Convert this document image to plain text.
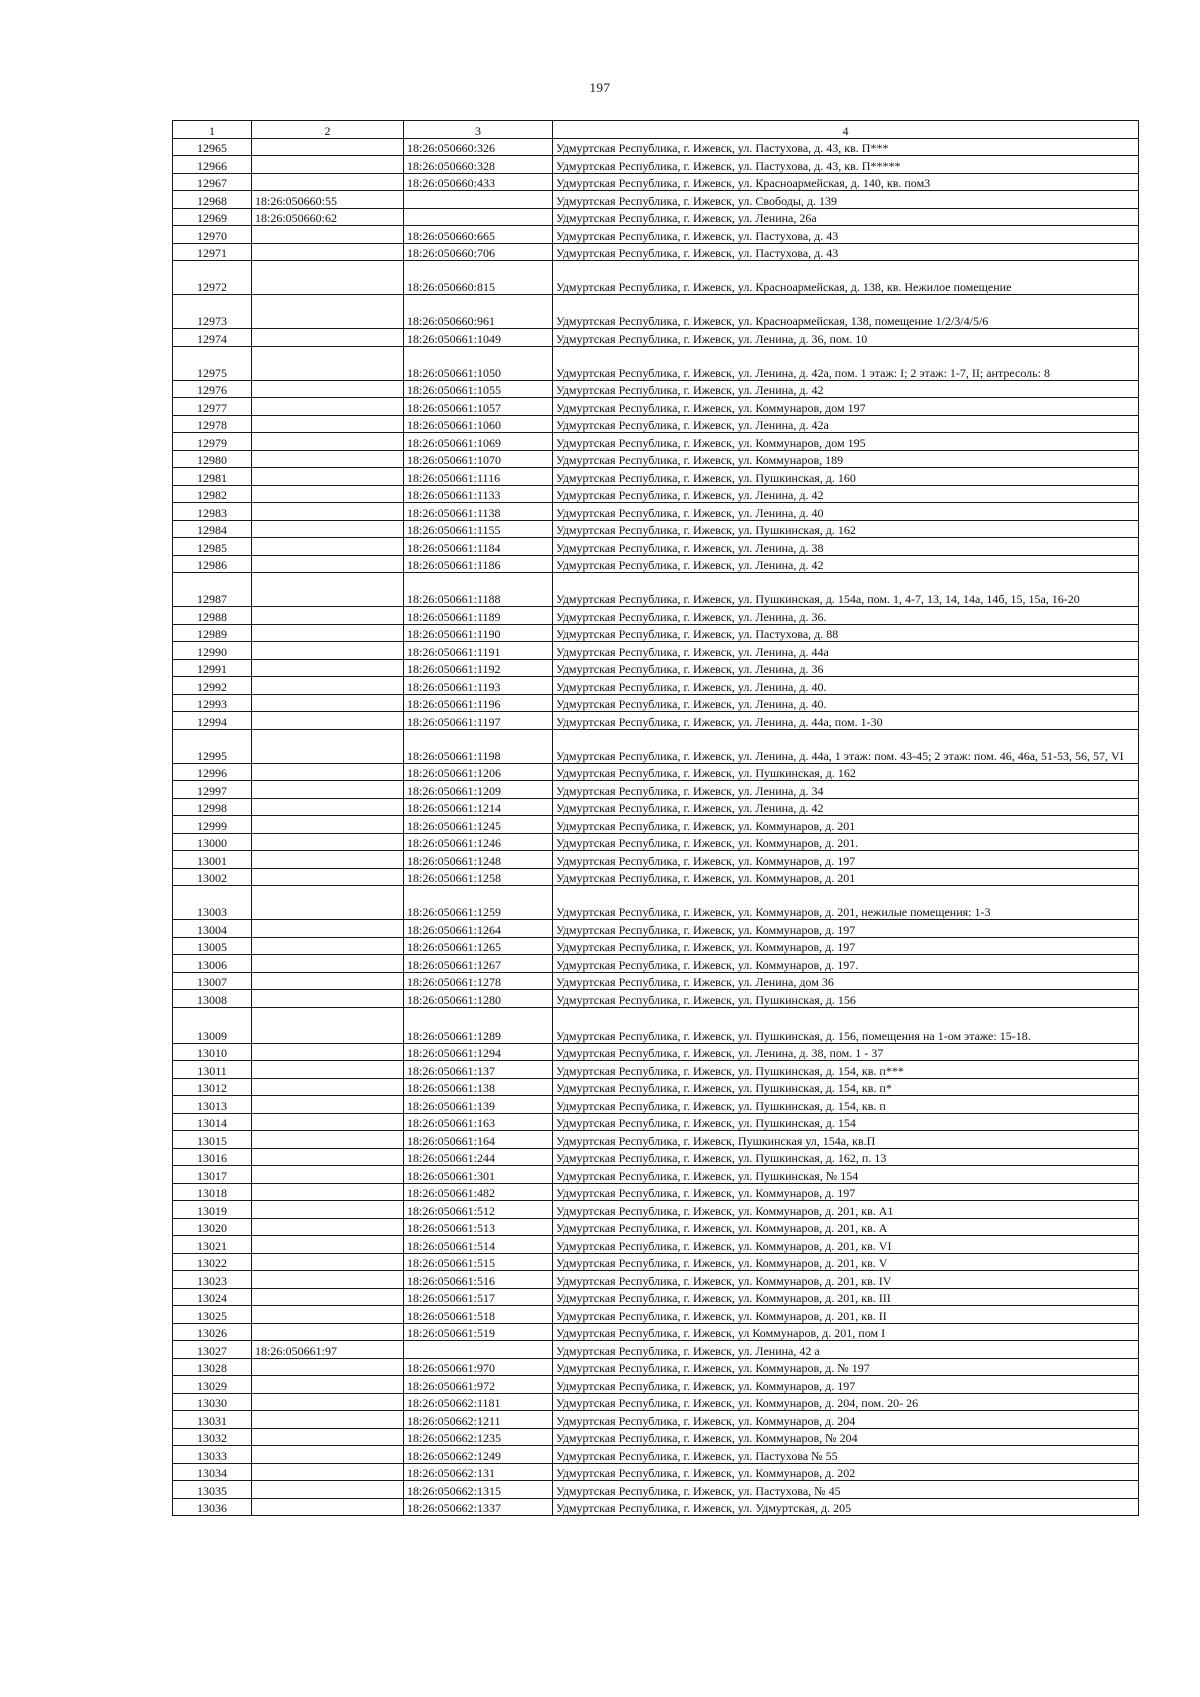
197
1	2	3	4
12965		18:26:050660:326	Удмуртская Республика, г. Ижевск, ул. Пастухова, д. 43, кв. П***
12966		18:26:050660:328	Удмуртская Республика, г. Ижевск, ул. Пастухова, д. 43, кв. П*****
12967		18:26:050660:433	Удмуртская Республика, г. Ижевск, ул. Красноармейская, д. 140, кв. пом3
12968	18:26:050660:55		Удмуртская Республика, г. Ижевск, ул. Свободы, д. 139
12969	18:26:050660:62		Удмуртская Республика, г. Ижевск, ул. Ленина, 26а
12970		18:26:050660:665	Удмуртская Республика, г. Ижевск, ул. Пастухова, д. 43
12971		18:26:050660:706	Удмуртская Республика, г. Ижевск, ул. Пастухова, д. 43
12972		18:26:050660:815	Удмуртская Республика, г. Ижевск, ул. Красноармейская, д. 138, кв. Нежилое помещение
12973		18:26:050660:961	Удмуртская Республика, г. Ижевск, ул. Красноармейская, 138, помещение 1/2/3/4/5/6
12974		18:26:050661:1049	Удмуртская Республика, г. Ижевск, ул. Ленина, д. 36, пом. 10
12975		18:26:050661:1050	Удмуртская Республика, г. Ижевск, ул. Ленина, д. 42а, пом. 1 этаж: I; 2 этаж: 1-7, II; антресоль: 8
12976		18:26:050661:1055	Удмуртская Республика, г. Ижевск, ул. Ленина, д. 42
12977		18:26:050661:1057	Удмуртская Республика, г. Ижевск, ул. Коммунаров, дом 197
12978		18:26:050661:1060	Удмуртская Республика, г. Ижевск, ул. Ленина, д. 42а
12979		18:26:050661:1069	Удмуртская Республика, г. Ижевск, ул. Коммунаров, дом 195
12980		18:26:050661:1070	Удмуртская Республика, г. Ижевск, ул. Коммунаров, 189
12981		18:26:050661:1116	Удмуртская Республика, г. Ижевск, ул. Пушкинская, д. 160
12982		18:26:050661:1133	Удмуртская Республика, г. Ижевск, ул. Ленина, д. 42
12983		18:26:050661:1138	Удмуртская Республика, г. Ижевск, ул. Ленина, д. 40
12984		18:26:050661:1155	Удмуртская Республика, г. Ижевск, ул. Пушкинская, д. 162
12985		18:26:050661:1184	Удмуртская Республика, г. Ижевск, ул. Ленина, д. 38
12986		18:26:050661:1186	Удмуртская Республика, г. Ижевск, ул. Ленина, д. 42
12987		18:26:050661:1188	Удмуртская Республика, г. Ижевск, ул. Пушкинская, д. 154а, пом. 1, 4-7, 13, 14, 14а, 14б, 15, 15а, 16-20
12988		18:26:050661:1189	Удмуртская Республика, г. Ижевск, ул. Ленина, д. 36.
12989		18:26:050661:1190	Удмуртская Республика, г. Ижевск, ул. Пастухова, д. 88
12990		18:26:050661:1191	Удмуртская Республика, г. Ижевск, ул. Ленина, д. 44а
12991		18:26:050661:1192	Удмуртская Республика, г. Ижевск, ул. Ленина, д. 36
12992		18:26:050661:1193	Удмуртская Республика, г. Ижевск, ул. Ленина, д. 40.
12993		18:26:050661:1196	Удмуртская Республика, г. Ижевск, ул. Ленина, д. 40.
12994		18:26:050661:1197	Удмуртская Республика, г. Ижевск, ул. Ленина, д. 44а, пом. 1-30
12995		18:26:050661:1198	Удмуртская Республика, г. Ижевск, ул. Ленина, д. 44а, 1 этаж: пом. 43-45; 2 этаж: пом. 46, 46а, 51-53, 56, 57, VI
12996		18:26:050661:1206	Удмуртская Республика, г. Ижевск, ул. Пушкинская, д. 162
12997		18:26:050661:1209	Удмуртская Республика, г. Ижевск, ул. Ленина, д. 34
12998		18:26:050661:1214	Удмуртская Республика, г. Ижевск, ул. Ленина, д. 42
12999		18:26:050661:1245	Удмуртская Республика, г. Ижевск, ул. Коммунаров, д. 201
13000		18:26:050661:1246	Удмуртская Республика, г. Ижевск, ул. Коммунаров, д. 201.
13001		18:26:050661:1248	Удмуртская Республика, г. Ижевск, ул. Коммунаров, д. 197
13002		18:26:050661:1258	Удмуртская Республика, г. Ижевск, ул. Коммунаров, д. 201
13003		18:26:050661:1259	Удмуртская Республика, г. Ижевск, ул. Коммунаров, д. 201, нежилые помещения: 1-3
13004		18:26:050661:1264	Удмуртская Республика, г. Ижевск, ул. Коммунаров, д. 197
13005		18:26:050661:1265	Удмуртская Республика, г. Ижевск, ул. Коммунаров, д. 197
13006		18:26:050661:1267	Удмуртская Республика, г. Ижевск, ул. Коммунаров, д. 197.
13007		18:26:050661:1278	Удмуртская Республика, г. Ижевск, ул. Ленина, дом 36
13008		18:26:050661:1280	Удмуртская Республика, г. Ижевск, ул. Пушкинская, д. 156
13009		18:26:050661:1289	Удмуртская Республика, г. Ижевск, ул. Пушкинская, д. 156, помещения на 1-ом этаже: 15-18.
13010		18:26:050661:1294	Удмуртская Республика, г. Ижевск, ул. Ленина, д. 38, пом. 1 - 37
13011		18:26:050661:137	Удмуртская Республика, г. Ижевск, ул. Пушкинская, д. 154, кв. п***
13012		18:26:050661:138	Удмуртская Республика, г. Ижевск, ул. Пушкинская, д. 154, кв. п*
13013		18:26:050661:139	Удмуртская Республика, г. Ижевск, ул. Пушкинская, д. 154, кв. п
13014		18:26:050661:163	Удмуртская Республика, г. Ижевск, ул. Пушкинская, д. 154
13015		18:26:050661:164	Удмуртская Республика, г. Ижевск, Пушкинская ул, 154а, кв.П
13016		18:26:050661:244	Удмуртская Республика, г. Ижевск, ул. Пушкинская, д. 162, п. 13
13017		18:26:050661:301	Удмуртская Республика, г. Ижевск, ул. Пушкинская, № 154
13018		18:26:050661:482	Удмуртская Республика, г. Ижевск, ул. Коммунаров, д. 197
13019		18:26:050661:512	Удмуртская Республика, г. Ижевск, ул. Коммунаров, д. 201, кв. А1
13020		18:26:050661:513	Удмуртская Республика, г. Ижевск, ул. Коммунаров, д. 201, кв. А
13021		18:26:050661:514	Удмуртская Республика, г. Ижевск, ул. Коммунаров, д. 201, кв. VI
13022		18:26:050661:515	Удмуртская Республика, г. Ижевск, ул. Коммунаров, д. 201, кв. V
13023		18:26:050661:516	Удмуртская Республика, г. Ижевск, ул. Коммунаров, д. 201, кв. IV
13024		18:26:050661:517	Удмуртская Республика, г. Ижевск, ул. Коммунаров, д. 201, кв. III
13025		18:26:050661:518	Удмуртская Республика, г. Ижевск, ул. Коммунаров, д. 201, кв. II
13026		18:26:050661:519	Удмуртская Республика, г. Ижевск, ул Коммунаров, д. 201, пом I
13027	18:26:050661:97		Удмуртская Республика, г. Ижевск, ул. Ленина, 42 а
13028		18:26:050661:970	Удмуртская Республика, г. Ижевск, ул. Коммунаров, д. № 197
13029		18:26:050661:972	Удмуртская Республика, г. Ижевск, ул. Коммунаров, д. 197
13030		18:26:050662:1181	Удмуртская Республика, г. Ижевск, ул. Коммунаров, д. 204, пом. 20- 26
13031		18:26:050662:1211	Удмуртская Республика, г. Ижевск, ул. Коммунаров, д. 204
13032		18:26:050662:1235	Удмуртская Республика, г. Ижевск, ул. Коммунаров, № 204
13033		18:26:050662:1249	Удмуртская Республика, г. Ижевск, ул. Пастухова № 55
13034		18:26:050662:131	Удмуртская Республика, г. Ижевск, ул. Коммунаров, д. 202
13035		18:26:050662:1315	Удмуртская Республика, г. Ижевск, ул. Пастухова, № 45
13036		18:26:050662:1337	Удмуртская Республика, г. Ижевск, ул. Удмуртская, д. 205
